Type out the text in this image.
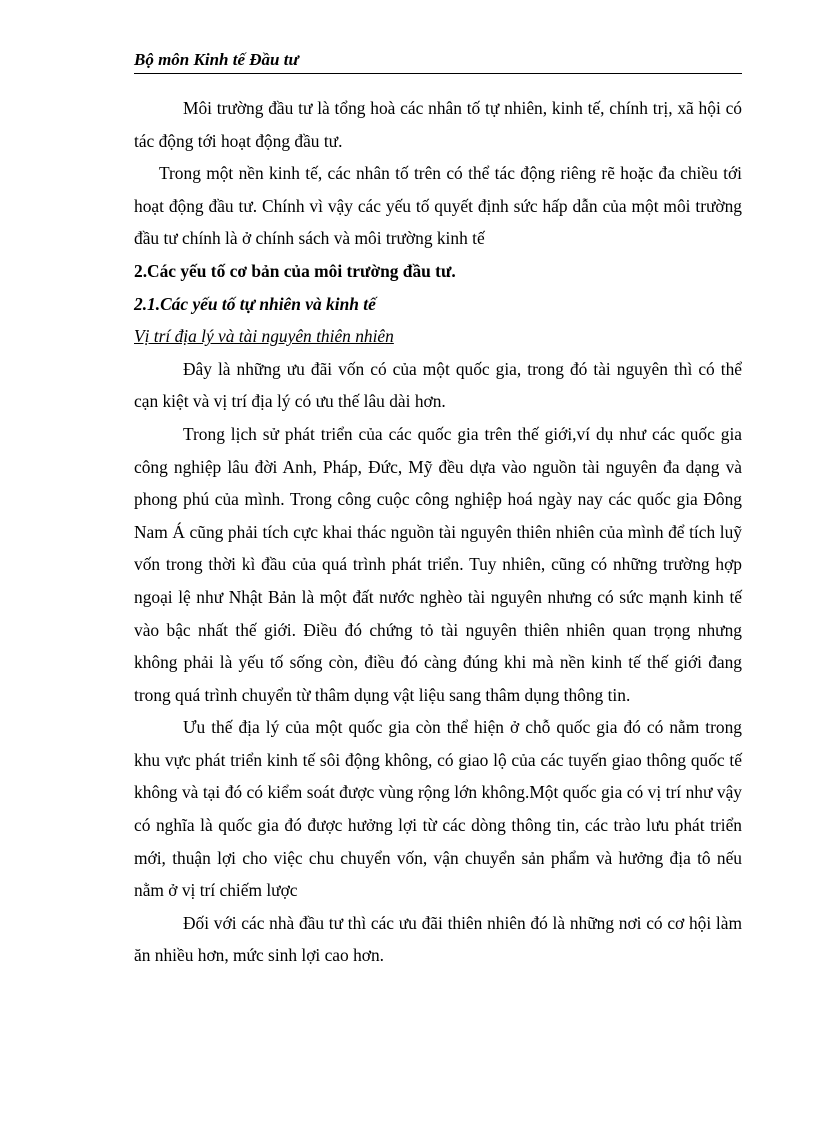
Bộ môn Kinh tế Đầu tư

Môi trường đầu tư là tổng hoà các nhân tố tự nhiên, kinh tế, chính trị, xã hội có tác động tới hoạt động đầu tư.

Trong một nền kinh tế, các nhân tố trên có thể tác động riêng rẽ hoặc đa chiều tới hoạt động đầu tư. Chính vì vậy các yếu tố quyết định sức hấp dẫn của một môi trường đầu tư chính là ở chính sách và môi trường kinh tế

2.Các yếu tố cơ bản của môi trường đầu tư.

2.1.Các yếu tố tự nhiên và kinh tế

Vị trí địa lý và tài nguyên thiên nhiên

Đây là những ưu đãi vốn có của một quốc gia, trong đó tài nguyên thì có thể cạn kiệt và vị trí địa lý có ưu thế lâu dài hơn.

Trong lịch sử phát triển của các quốc gia trên thế giới,ví dụ như các quốc gia công nghiệp lâu đời Anh, Pháp, Đức, Mỹ đều dựa vào nguồn tài nguyên đa dạng và phong phú của mình. Trong công cuộc công nghiệp hoá ngày nay các quốc gia Đông Nam Á cũng phải tích cực khai thác nguồn tài nguyên thiên nhiên của mình để tích luỹ vốn trong thời kì đầu của quá trình phát triển. Tuy nhiên, cũng có những trường hợp ngoại lệ như Nhật Bản là một đất nước nghèo tài nguyên nhưng có sức mạnh kinh tế vào bậc nhất thế giới. Điều đó chứng tỏ tài nguyên thiên nhiên quan trọng nhưng không phải là yếu tố sống còn, điều đó càng đúng khi mà nền kinh tế thế giới đang trong quá trình chuyển từ thâm dụng vật liệu sang thâm dụng thông tin.

Ưu thế địa lý của một quốc gia còn thể hiện ở chỗ quốc gia đó có nằm trong khu vực phát triển kinh tế sôi động không, có giao lộ của các tuyến giao thông quốc tế không và tại đó có kiểm soát được vùng rộng lớn không.Một quốc gia có vị trí như vậy có nghĩa là quốc gia đó được hưởng lợi từ các dòng thông tin, các trào lưu phát triển mới, thuận lợi cho việc chu chuyển vốn, vận chuyển sản phẩm và hưởng địa tô nếu nằm ở vị trí chiếm lược

Đối với các nhà đầu tư thì các ưu đãi thiên nhiên đó là những nơi có cơ hội làm ăn nhiều hơn, mức sinh lợi cao hơn.
